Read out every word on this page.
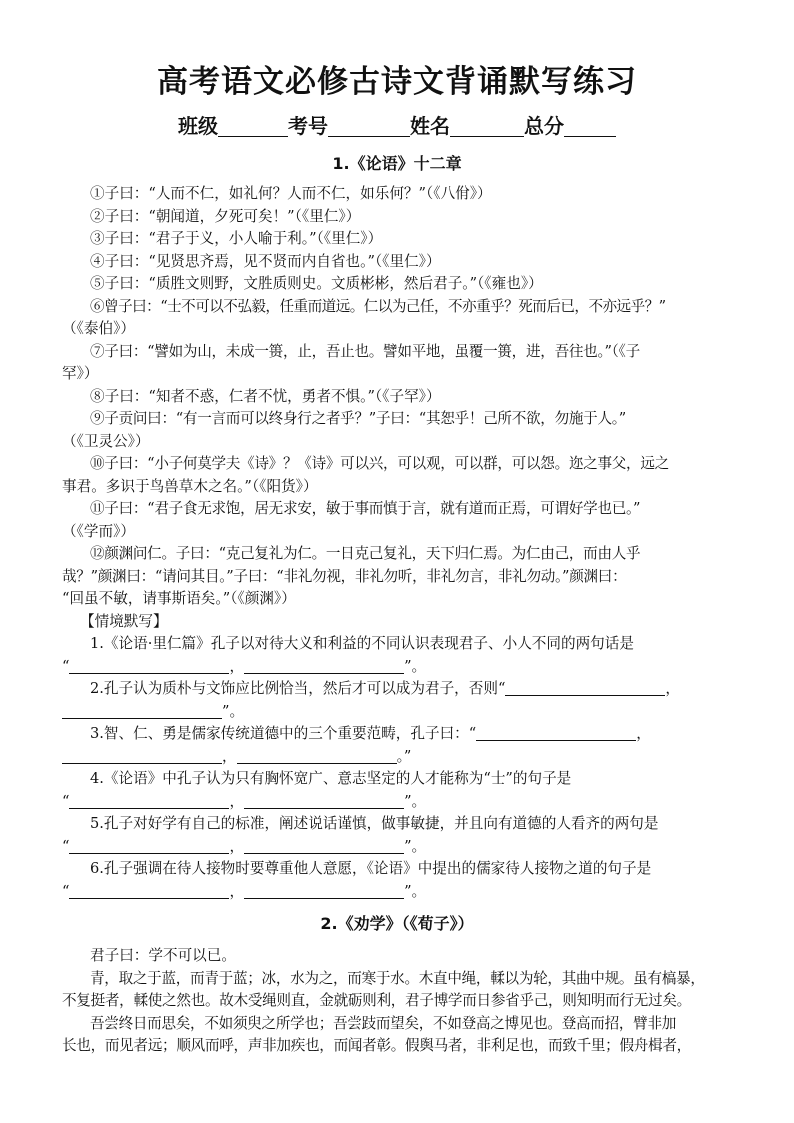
高考语文必修古诗文背诵默写练习
班级	考号	姓名	总分
1.《论语》十二章

①子曰：“人而不仁，如礼何？人而不仁，如乐何？”（《八佾》）

②子曰：“朝闻道，夕死可矣！”（《里仁》）

③子曰：“君子于义，小人喻于利。”（《里仁》）

④子曰：“见贤思齐焉，见不贤而内自省也。”（《里仁》）

⑤子曰：“质胜文则野，文胜质则史。文质彬彬，然后君子。”（《雍也》）

⑥曾子曰：“士不可以不弘毅，任重而道远。仁以为己任，不亦重乎？死而后已，不亦远乎？”

（《泰伯》）

⑦子曰：“譬如为山，未成一篑，止，吾止也。譬如平地，虽覆一篑，进，吾往也。”（《子

罕》）

⑧子曰：“知者不惑，仁者不忧，勇者不惧。”（《子罕》）

⑨子贡问曰：“有一言而可以终身行之者乎？”子曰：“其恕乎！己所不欲，勿施于人。”

（《卫灵公》）

⑩子曰：“小子何莫学夫《诗》？《诗》可以兴，可以观，可以群，可以怨。迩之事父，远之

事君。多识于鸟兽草木之名。”（《阳货》）

⑪子曰：“君子食无求饱，居无求安，敏于事而慎于言，就有道而正焉，可谓好学也已。”

（《学而》）

⑫颜渊问仁。子曰：“克己复礼为仁。一日克己复礼，天下归仁焉。为仁由己，而由人乎

哉？”颜渊曰：“请问其目。”子曰：“非礼勿视，非礼勿听，非礼勿言，非礼勿动。”颜渊曰：

“回虽不敏，请事斯语矣。”（《颜渊》）

【情境默写】

1.《论语·里仁篇》孔子以对待大义和利益的不同认识表现君子、小人不同的两句话是

“	，	”。

2.孔子认为质朴与文饰应比例恰当，然后才可以成为君子，否则“	，

”。

3.智、仁、勇是儒家传统道德中的三个重要范畴，孔子曰：“	，

，	。”

4.《论语》中孔子认为只有胸怀宽广、意志坚定的人才能称为“士”的句子是

“	，	”。

5.孔子对好学有自己的标准，阐述说话谨慎，做事敏捷，并且向有道德的人看齐的两句是

“	，	”。

6.孔子强调在待人接物时要尊重他人意愿，《论语》中提出的儒家待人接物之道的句子是

“	，	”。

2.《劝学》（《荀子》）

君子曰：学不可以已。

青，取之于蓝，而青于蓝；冰，水为之，而寒于水。木直中绳，輮以为轮，其曲中规。虽有槁暴，

不复挺者，輮使之然也。故木受绳则直，金就砺则利，君子博学而日参省乎己，则知明而行无过矣。

吾尝终日而思矣，不如须臾之所学也；吾尝跂而望矣，不如登高之博见也。登高而招，臂非加

长也，而见者远；顺风而呼，声非加疾也，而闻者彰。假舆马者，非利足也，而致千里；假舟楫者，
